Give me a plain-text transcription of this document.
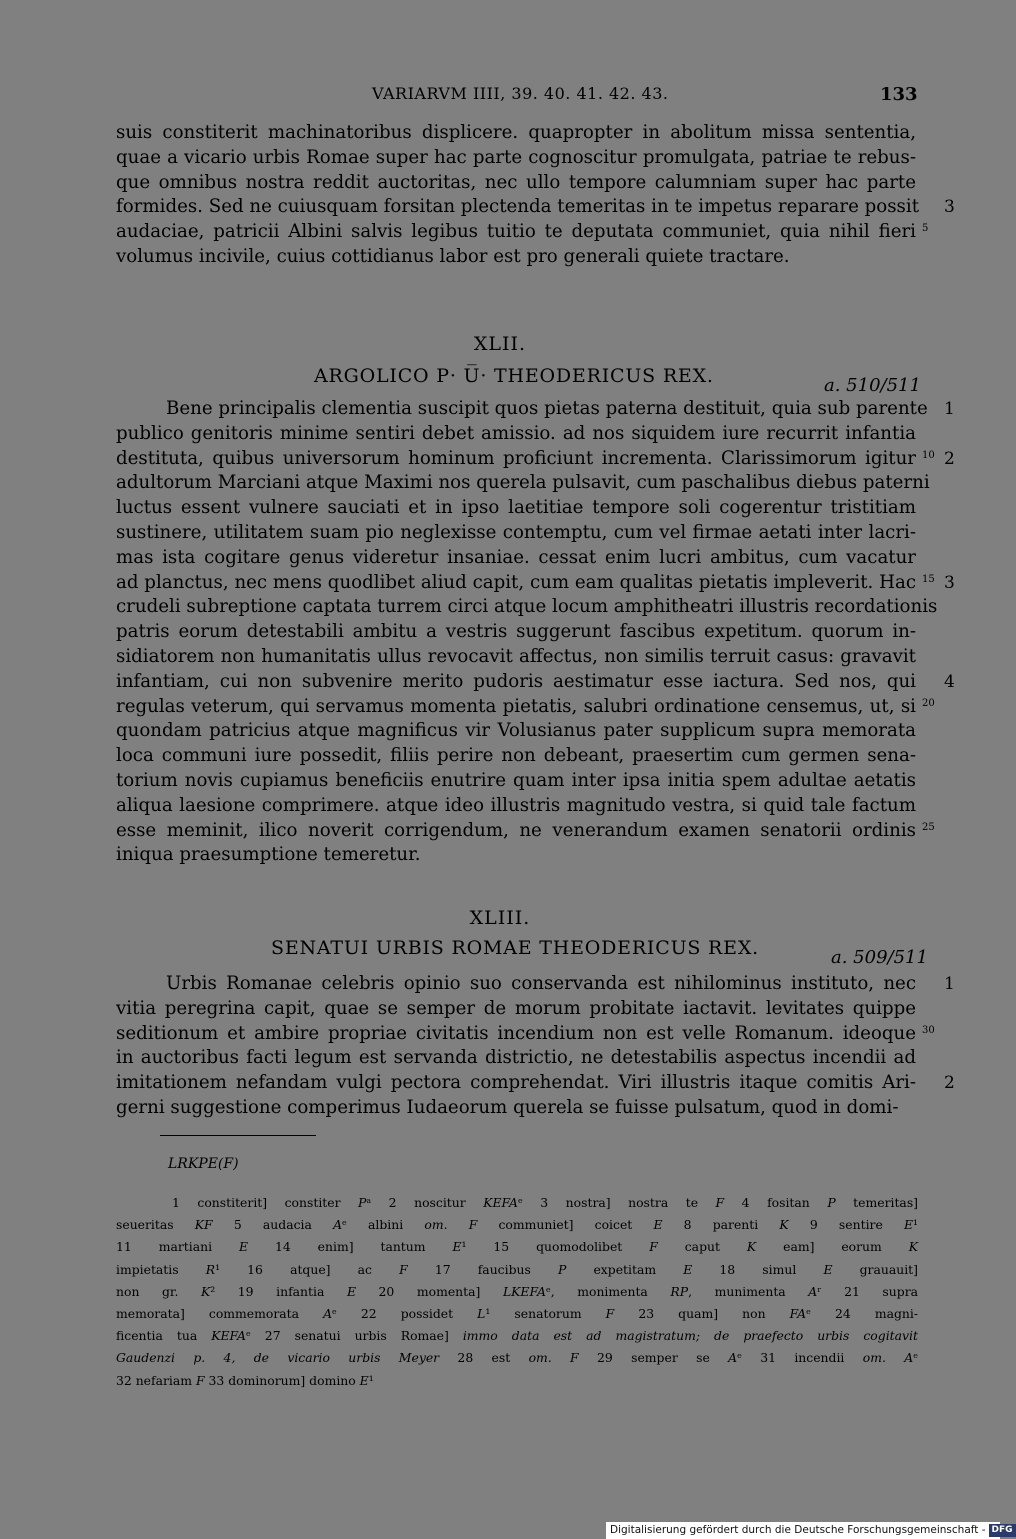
VARIARVM IIII, 39. 40. 41. 42. 43.	133
suis constiterit machinatoribus displicere. quapropter in abolitum missa sententia,
quae a vicario urbis Romae super hac parte cognoscitur promulgata, patriae te rebus-
que omnibus nostra reddit auctoritas, nec ullo tempore calumniam super hac parte
formides. Sed ne cuiusquam forsitan plectenda temeritas in te impetus reparare possit 3
audaciae, patricii Albini salvis legibus tuitio te deputata communiet, quia nihil fieri 5
volumus incivile, cuius cottidianus labor est pro generali quiete tractare.
XLII.
ARGOLICO P· U̅· THEODERICUS REX.	a. 510/511
Bene principalis clementia suscipit quos pietas paterna destituit, quia sub parente 1
publico genitoris minime sentiri debet amissio. ad nos siquidem iure recurrit infantia
destituta, quibus universorum hominum proficiunt incrementa. Clarissimorum igitur 10 2
adultorum Marciani atque Maximi nos querela pulsavit, cum paschalibus diebus paterni
luctus essent vulnere sauciati et in ipso laetitiae tempore soli cogerentur tristitiam
sustinere, utilitatem suam pio neglexisse contemptu, cum vel firmae aetati inter lacri-
mas ista cogitare genus videretur insaniae. cessat enim lucri ambitus, cum vacatur
ad planctus, nec mens quodlibet aliud capit, cum eam qualitas pietatis impleverit. Hac 15 3
crudeli subreptione captata turrem circi atque locum amphitheatri illustris recordationis
patris eorum detestabili ambitu a vestris suggerunt fascibus expetitum. quorum in-
sidiatorem non humanitatis ullus revocavit affectus, non similis terruit casus: gravavit
infantiam, cui non subvenire merito pudoris aestimatur esse iactura. Sed nos, qui 4
regulas veterum, qui servamus momenta pietatis, salubri ordinatione censemus, ut, si 20
quondam patricius atque magnificus vir Volusianus pater supplicum supra memorata
loca communi iure possedit, filiis perire non debeant, praesertim cum germen sena-
torium novis cupiamus beneficiis enutrire quam inter ipsa initia spem adultae aetatis
aliqua laesione comprimere. atque ideo illustris magnitudo vestra, si quid tale factum
esse meminit, ilico noverit corrigendum, ne venerandum examen senatorii ordinis 25
iniqua praesumptione temeretur.
XLIII.
SENATUI URBIS ROMAE THEODERICUS REX.	a. 509/511
Urbis Romanae celebris opinio suo conservanda est nihilominus instituto, nec 1
vitia peregrina capit, quae se semper de morum probitate iactavit. levitates quippe
seditionum et ambire propriae civitatis incendium non est velle Romanum. ideoque 30
in auctoribus facti legum est servanda districtio, ne detestabilis aspectus incendii ad
imitationem nefandam vulgi pectora comprehendat. Viri illustris itaque comitis Ari- 2
gerni suggestione comperimus Iudaeorum querela se fuisse pulsatum, quod in domi-
LRKPE(F)
1 constiterit] constiter Pᵃ 2 noscitur KEFAᵉ 3 nostra] nostra te F 4 fositan P temeritas]
seueritas KF 5 audacia Aᵉ albini om. F communiet] coicet E 8 parenti K 9 sentire E¹
11 martiani E 14 enim] tantum E¹ 15 quomodolibet F caput K eam] eorum K
impietatis R¹ 16 atque] ac F 17 faucibus P expetitam E 18 simul E grauauit]
non gr. K² 19 infantia E 20 momenta] LKEFAᵉ, monimenta RP, munimenta Aʳ 21 supra
memorata] commemorata Aᵉ 22 possidet L¹ senatorum F 23 quam] non FAᵉ 24 magni-
ficentia tua KEFAᵉ 27 senatui urbis Romae] immo data est ad magistratum; de praefecto urbis cogitavit
Gaudenzi p. 4, de vicario urbis Meyer 28 est om. F 29 semper se Aᵉ 31 incendii om. Aᵉ
32 nefariam F 33 dominorum] domino E¹
Digitalisierung gefördert durch die Deutsche Forschungsgemeinschaft - DFG
